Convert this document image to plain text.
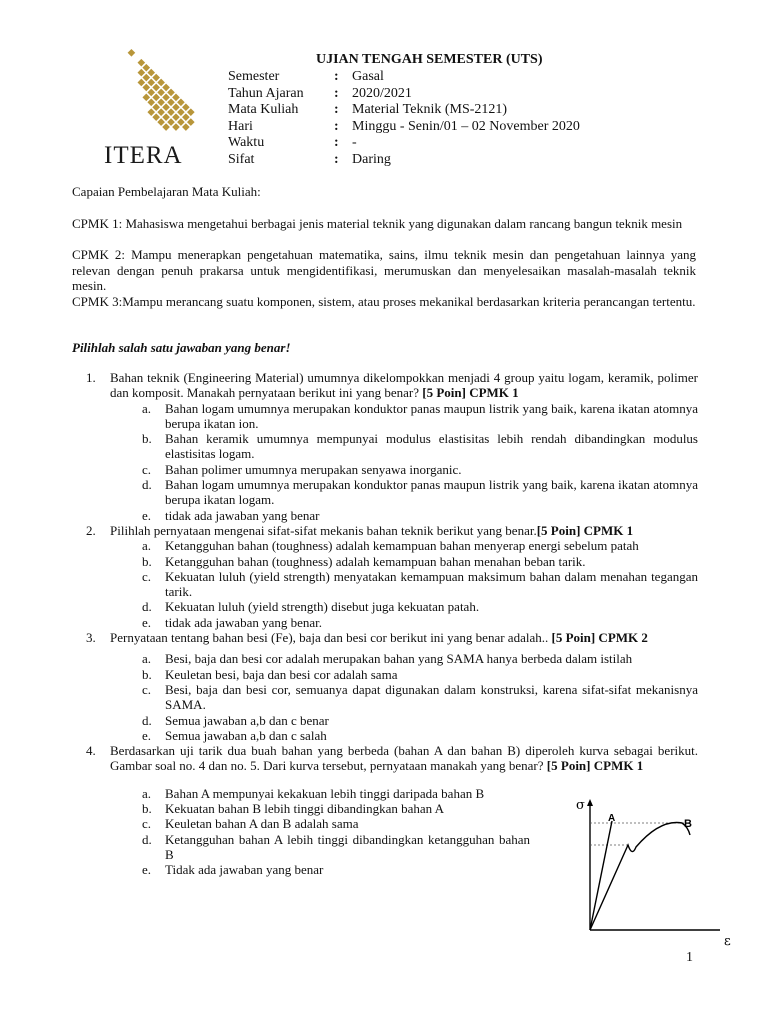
ITERA
UJIAN TENGAH SEMESTER (UTS)
Semester	: Gasal
Tahun Ajaran	: 2020/2021
Mata Kuliah	: Material Teknik (MS-2121)
Hari	: Minggu - Senin/01 – 02 November 2020
Waktu	: -
Sifat	: Daring
Capaian Pembelajaran Mata Kuliah:
CPMK 1: Mahasiswa mengetahui berbagai jenis material teknik yang digunakan dalam rancang bangun teknik mesin
CPMK 2: Mampu menerapkan pengetahuan matematika, sains, ilmu teknik mesin dan pengetahuan lainnya yang relevan dengan penuh prakarsa untuk mengidentifikasi, merumuskan dan menyelesaikan masalah-masalah teknik mesin.
CPMK 3:Mampu merancang suatu komponen, sistem, atau proses mekanikal berdasarkan kriteria perancangan tertentu.
Pilihlah salah satu jawaban yang benar!
1. Bahan teknik (Engineering Material) umumnya dikelompokkan menjadi 4 group yaitu logam, keramik, polimer dan komposit. Manakah pernyataan berikut ini yang benar? [5 Poin] CPMK 1
a. Bahan logam umumnya merupakan konduktor panas maupun listrik yang baik, karena ikatan atomnya berupa ikatan ion.
b. Bahan keramik umumnya mempunyai modulus elastisitas lebih rendah dibandingkan modulus elastisitas logam.
c. Bahan polimer umumnya merupakan senyawa inorganic.
d. Bahan logam umumnya merupakan konduktor panas maupun listrik yang baik, karena ikatan atomnya berupa ikatan logam.
e. tidak ada jawaban yang benar
2. Pilihlah pernyataan mengenai sifat-sifat mekanis bahan teknik berikut yang benar.[5 Poin] CPMK 1
a. Ketangguhan bahan (toughness) adalah kemampuan bahan menyerap energi sebelum patah
b. Ketangguhan bahan (toughness) adalah kemampuan bahan menahan beban tarik.
c. Kekuatan luluh (yield strength) menyatakan kemampuan maksimum bahan dalam menahan tegangan tarik.
d. Kekuatan luluh (yield strength) disebut juga kekuatan patah.
e. tidak ada jawaban yang benar.
3. Pernyataan tentang bahan besi (Fe), baja dan besi cor berikut ini yang benar adalah.. [5 Poin] CPMK 2
a. Besi, baja dan besi cor adalah merupakan bahan yang SAMA hanya berbeda dalam istilah
b. Keuletan besi, baja dan besi cor adalah sama
c. Besi, baja dan besi cor, semuanya dapat digunakan dalam konstruksi, karena sifat-sifat mekanisnya SAMA.
d. Semua jawaban a,b dan c benar
e. Semua jawaban a,b dan c salah
4. Berdasarkan uji tarik dua buah bahan yang berbeda (bahan A dan bahan B) diperoleh kurva sebagai berikut. Gambar soal no. 4 dan no. 5. Dari kurva tersebut, pernyataan manakah yang benar? [5 Poin] CPMK 1
a. Bahan A mempunyai kekakuan lebih tinggi daripada bahan B
b. Kekuatan bahan B lebih tinggi dibandingkan bahan A
c. Keuletan bahan A dan B adalah sama
d. Ketangguhan bahan A lebih tinggi dibandingkan ketangguhan bahan B
e. Tidak ada jawaban yang benar
σ
ε
A	B
1
